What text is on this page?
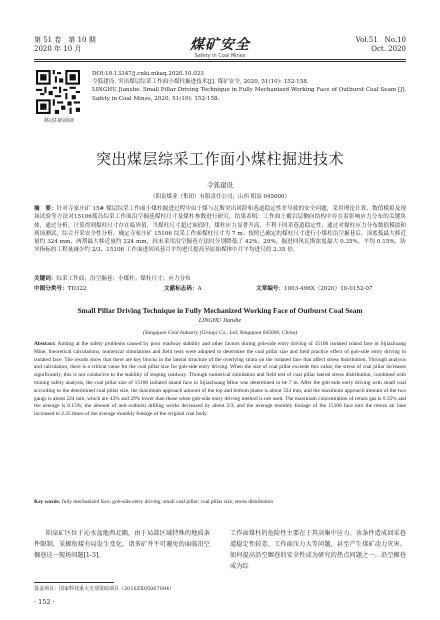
第 51 卷　第 10 期
2020 年 10 月	煤矿安全
Safety in Coal Mines
Vol.51　No.10
Oct. 2020
移动扫码阅读
DOI:10.13347/j.cnki.mkaq.2020.10.023
令狐建设. 突出煤层综采工作面小煤柱掘进技术[J]. 煤矿安全, 2020, 51(10): 152-158.
LINGHU Jianshe. Small Pillar Driving Technique in Fully Mechanized Working Face of Outburst Coal Seam [J]. Safety in Coal Mines, 2020, 51(10): 152-158.
突出煤层综采工作面小煤柱掘进技术
令狐建设
（阳泉煤业（集团）有限责任公司，山西 阳泉 045000）
摘　要：针对寺家庄矿 15# 煤层综采工作面小煤柱掘进过程中由于煤与瓦斯突出风险和巷道稳定性差导致的安全问题，采用理论计算、数值模拟及现场试验等方法对15106孤岛综采工作面沿空掘巷煤柱尺寸及煤柱参数进行研究。结果表明：工作面上覆岩层侧向结构中存在着影响应力分布的关键块体，通过分析、计算得到煤柱尺寸存在临界值，当煤柱尺寸超过该值时，煤柱应力显著升高，不利于回采巷道稳定性；通过对煤柱应力分布数值模拟和现场测试，综合开采安全性分析，确定寺家庄矿 15106 综采工作面煤柱尺寸为 7 m；按照已确定的煤柱尺寸进行小煤柱沿空掘巷后，顶底板最大移近量约 324 mm，两帮最大移近量约 224 mm，较未采用沿空掘巷方法时分别降低了 42%、29%，掘进回风瓦斯浓度最大 0.35%，平均 0.15%，防突指标的工程量减少约 2/3，15106 工作面进回风巷月平均进尺提高至原始煤体中月平均进尺的 2.35 倍。
关键词：综采工作面；沿空掘巷；小煤柱；煤柱尺寸；应力分布
中图分类号：TD322	文献标志码：A	文章编号：1003-496X（2020）10-0152-07
Small Pillar Driving Technique in Fully Mechanized Working Face of Outburst Coal Seam
LINGHU Jianshe
(Yangquan Coal Industry (Group) Co., Ltd, Yangquan 045000, China)
Abstract: Aiming at the safety problems caused by poor roadway stability and other factors during gob-side entry driving of 15106 isolated island face in Sijiazhuang Mine, theoretical calculations, numerical simulations and field tests were adopted to determine the coal pillar size and field practice effect of gob-side entry driving in isolated face. The results show that there are key blocks in the lateral structure of the overlying strata on the isolated face that affect stress distribution. Through analysis and calculation, there is a critical value for the coal pillar size for gob-side entry driving. When the size of coal pillar exceeds this value, the stress of coal pillar increases significantly, this is not conducive to the stability of stoping roadway. Through numerical simulation and field test of coal pillar lateral stress distribution, combined with mining safety analysis, the coal pillar size of 15106 isolated island face in Sijiazhuang Mine was determined to be 7 m. After the gob-side entry driving with small coal according to the determined coal pillar size, the maximum approach amount of the top and bottom plates is about 324 mm, and the maximum approach amount of the two gangs is about 224 mm, which are 42% and 29% lower than those when gob-side entry driving method is not used. The maximum concentration of return gas is 0.35% and the average is 0.15%, the amount of anti-outburst drilling works decreased by about 2/3, and the average monthly footage of the 15106 face into the return air lane increased to 2.35 times of the average monthly footage of the original coal body.
Key words: fully mechanized face; gob-side entry driving; small coal pillar; coal pillar size; stress distribution
阳泉矿区位于沁水盆地西北隅，由于局部区域特殊的地质条件限制，采掘衔接有局发生变化，诸多矿井不可避免的面临沿空掘巷这一现场问题[1-3]。
工作面煤柱的危险性主要在于其高集中应力。该条件造成回采巷道稳定性较差、工作面压力大等问题，甚至产生煤矿动力灾害。如何提高沿空掘巷的安全性成为研究的热点问题之一。沿空掘巷成为综
基金项目：国家科技重大专项资助项目（2016ZX05067004）
· 152 ·
